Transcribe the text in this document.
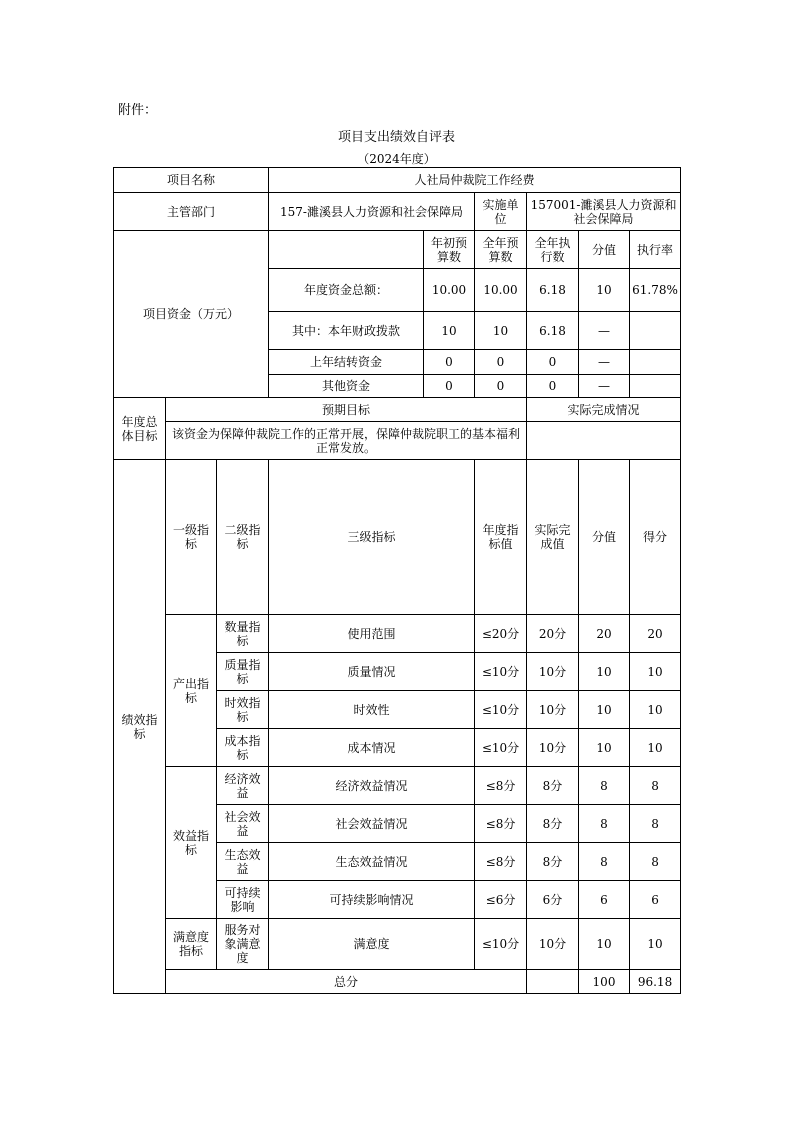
附件：
项目支出绩效自评表
（2024年度）
项目名称			人社局仲裁院工作经费						
主管部门			157-濉溪县人力资源和社会保障局		实施单位	157001-濉溪县人力资源和社会保障局			
项目资金（万元）				年初预算数	全年预算数	全年执行数	分值	执行率	
			年度资金总额：	10.00	10.00	6.18	10	61.78%	
			其中：本年财政拨款	10	10	6.18	—		
			上年结转资金	0	0	0	—		
			其他资金	0	0	0	—		
年度总体目标	预期目标					实际完成情况			
	该资金为保障仲裁院工作的正常开展，保障仲裁院职工的基本福利正常发放。								
绩效指标	一级指标	二级指标	三级指标		年度指标值	实际完成值	分值	得分	
	产出指标	数量指标	使用范围		≤20分	20分	20	20	
		质量指标	质量情况		≤10分	10分	10	10	
		时效指标	时效性		≤10分	10分	10	10	
		成本指标	成本情况		≤10分	10分	10	10	
	效益指标	经济效益	经济效益情况		≤8分	8分	8	8	
		社会效益	社会效益情况		≤8分	8分	8	8	
		生态效益	生态效益情况		≤8分	8分	8	8	
		可持续影响	可持续影响情况		≤6分	6分	6	6	
	满意度指标	服务对象满意度	满意度		≤10分	10分	10	10	
	总分						100	96.18	
